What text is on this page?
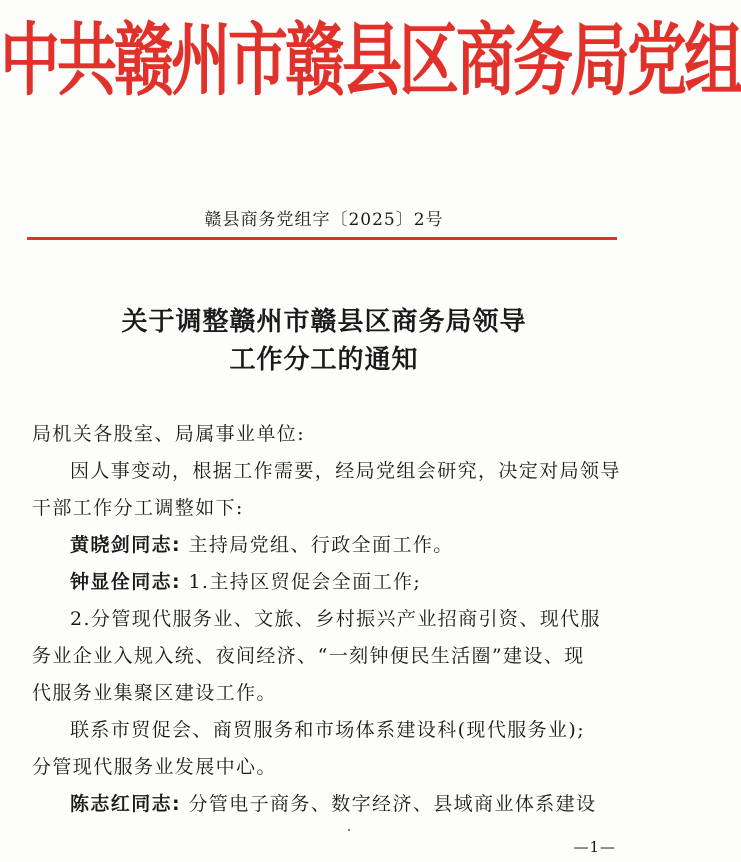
中共赣州市赣县区商务局党组
赣县商务党组字〔2025〕2号
关于调整赣州市赣县区商务局领导
工作分工的通知
局机关各股室、局属事业单位:
因人事变动，根据工作需要，经局党组会研究，决定对局领导
干部工作分工调整如下:
黄晓剑同志: 主持局党组、行政全面工作。
钟显佺同志: 1.主持区贸促会全面工作;
2.分管现代服务业、文旅、乡村振兴产业招商引资、现代服
务业企业入规入统、夜间经济、“一刻钟便民生活圈”建设、现
代服务业集聚区建设工作。
联系市贸促会、商贸服务和市场体系建设科(现代服务业);
分管现代服务业发展中心。
陈志红同志: 分管电子商务、数字经济、县域商业体系建设
—1—
